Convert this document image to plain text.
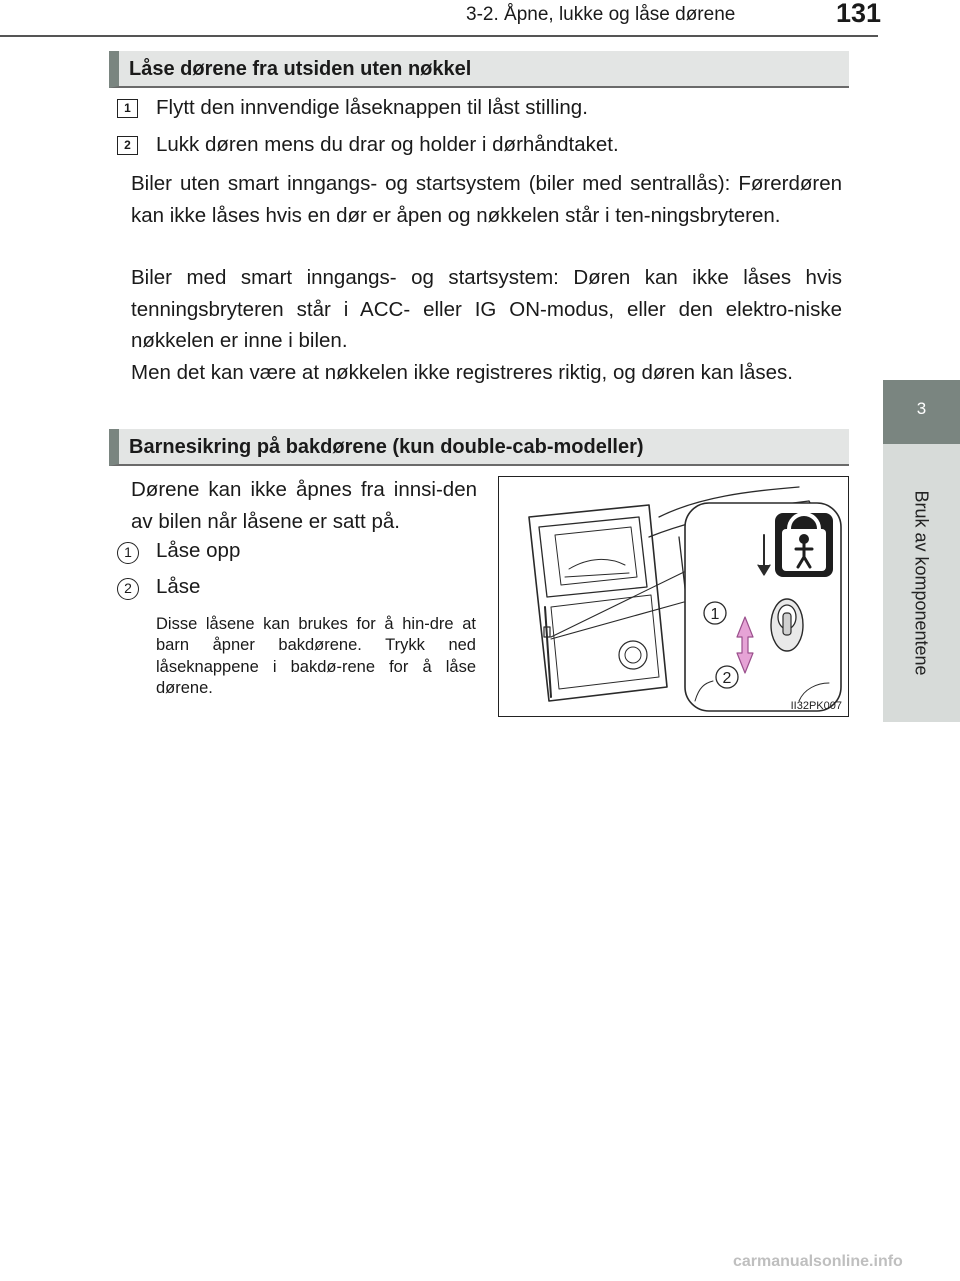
3-2. Åpne, lukke og låse dørene	131
3
Bruk av komponentene
Låse dørene fra utsiden uten nøkkel
1	Flytt den innvendige låseknappen til låst stilling.
2	Lukk døren mens du drar og holder i dørhåndtaket.

Biler uten smart inngangs- og startsystem (biler med sentrallås): Førerdøren kan ikke låses hvis en dør er åpen og nøkkelen står i ten-ningsbryteren.

Biler med smart inngangs- og startsystem: Døren kan ikke låses hvis tenningsbryteren står i ACC- eller IG ON-modus, eller den elektro-niske nøkkelen er inne i bilen.

Men det kan være at nøkkelen ikke registreres riktig, og døren kan låses.

Barnesikring på bakdørene (kun double-cab-modeller)
Dørene kan ikke åpnes fra innsi-den av bilen når låsene er satt på.
1	Låse opp
2	Låse
Disse låsene kan brukes for å hin-dre at barn åpner bakdørene. Trykk ned låseknappene i bakdø-rene for å låse dørene.
1
2
II32PK007
carmanualsonline.info
